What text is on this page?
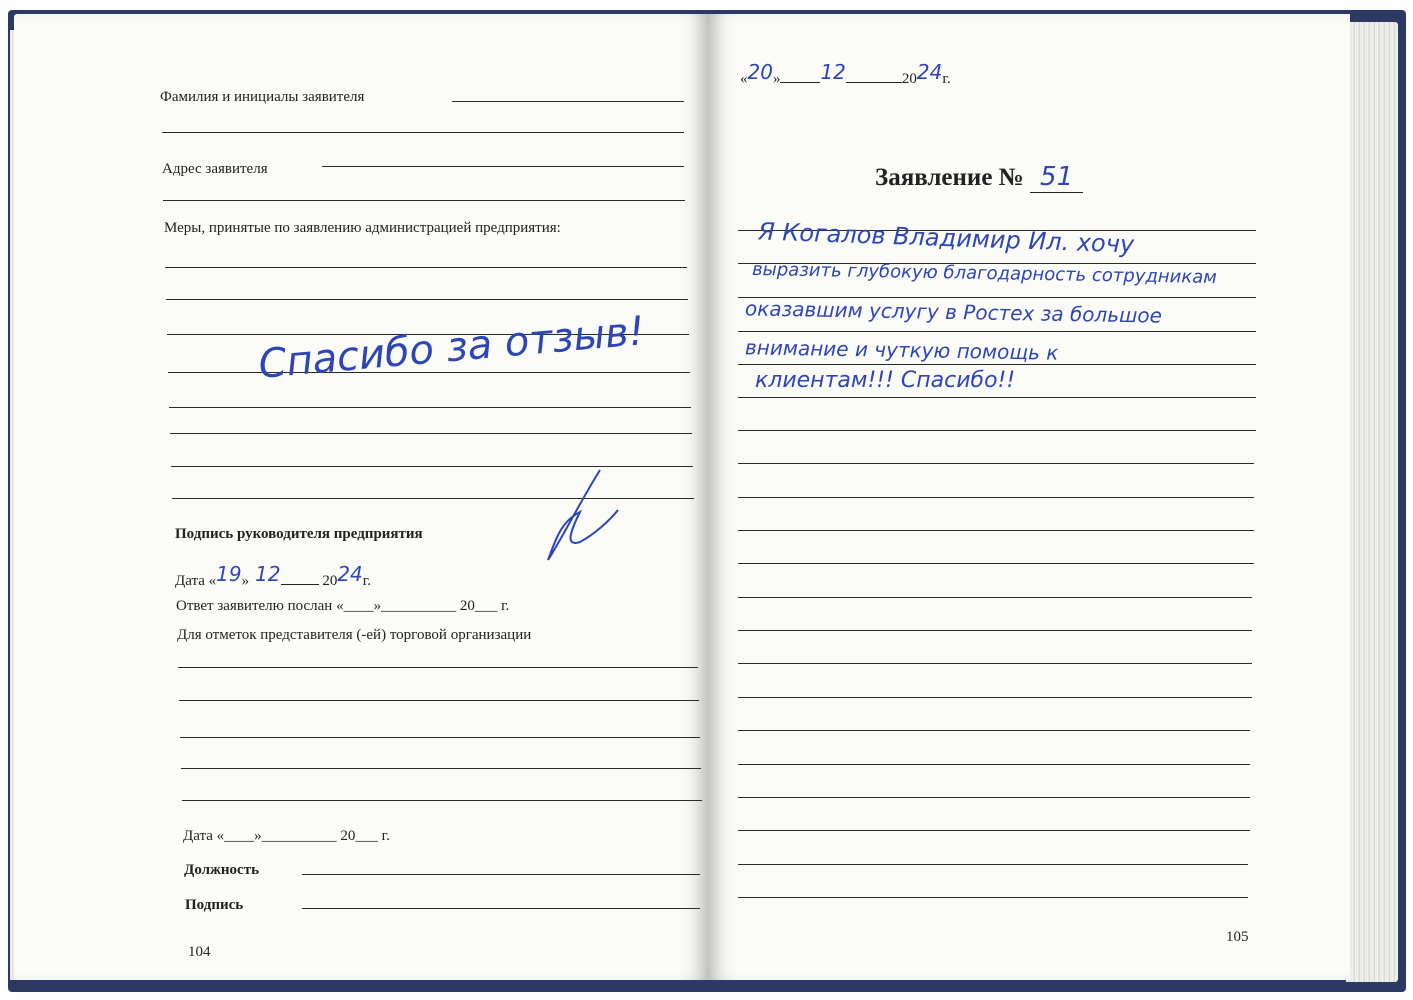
Фамилия и инициалы заявителя
Адрес заявителя
Меры, принятые по заявлению администрацией предприятия:
Спасибо за отзыв!
Подпись руководителя предприятия
Дата «19» 12	2024г.
Ответ заявителю послан «____»__________ 20___ г.
Для отметок представителя (-ей) торговой организации
Дата «____»__________ 20___ г.
Должность
Подпись
104
«20» 12	2024г.
Заявление № 51
Я Когалов Владимир Ил. хочу
выразить глубокую благодарность сотрудникам
оказавшим услугу в Ростех за большое
внимание и чуткую помощь к
клиентам!!! Спасибо!!
105
